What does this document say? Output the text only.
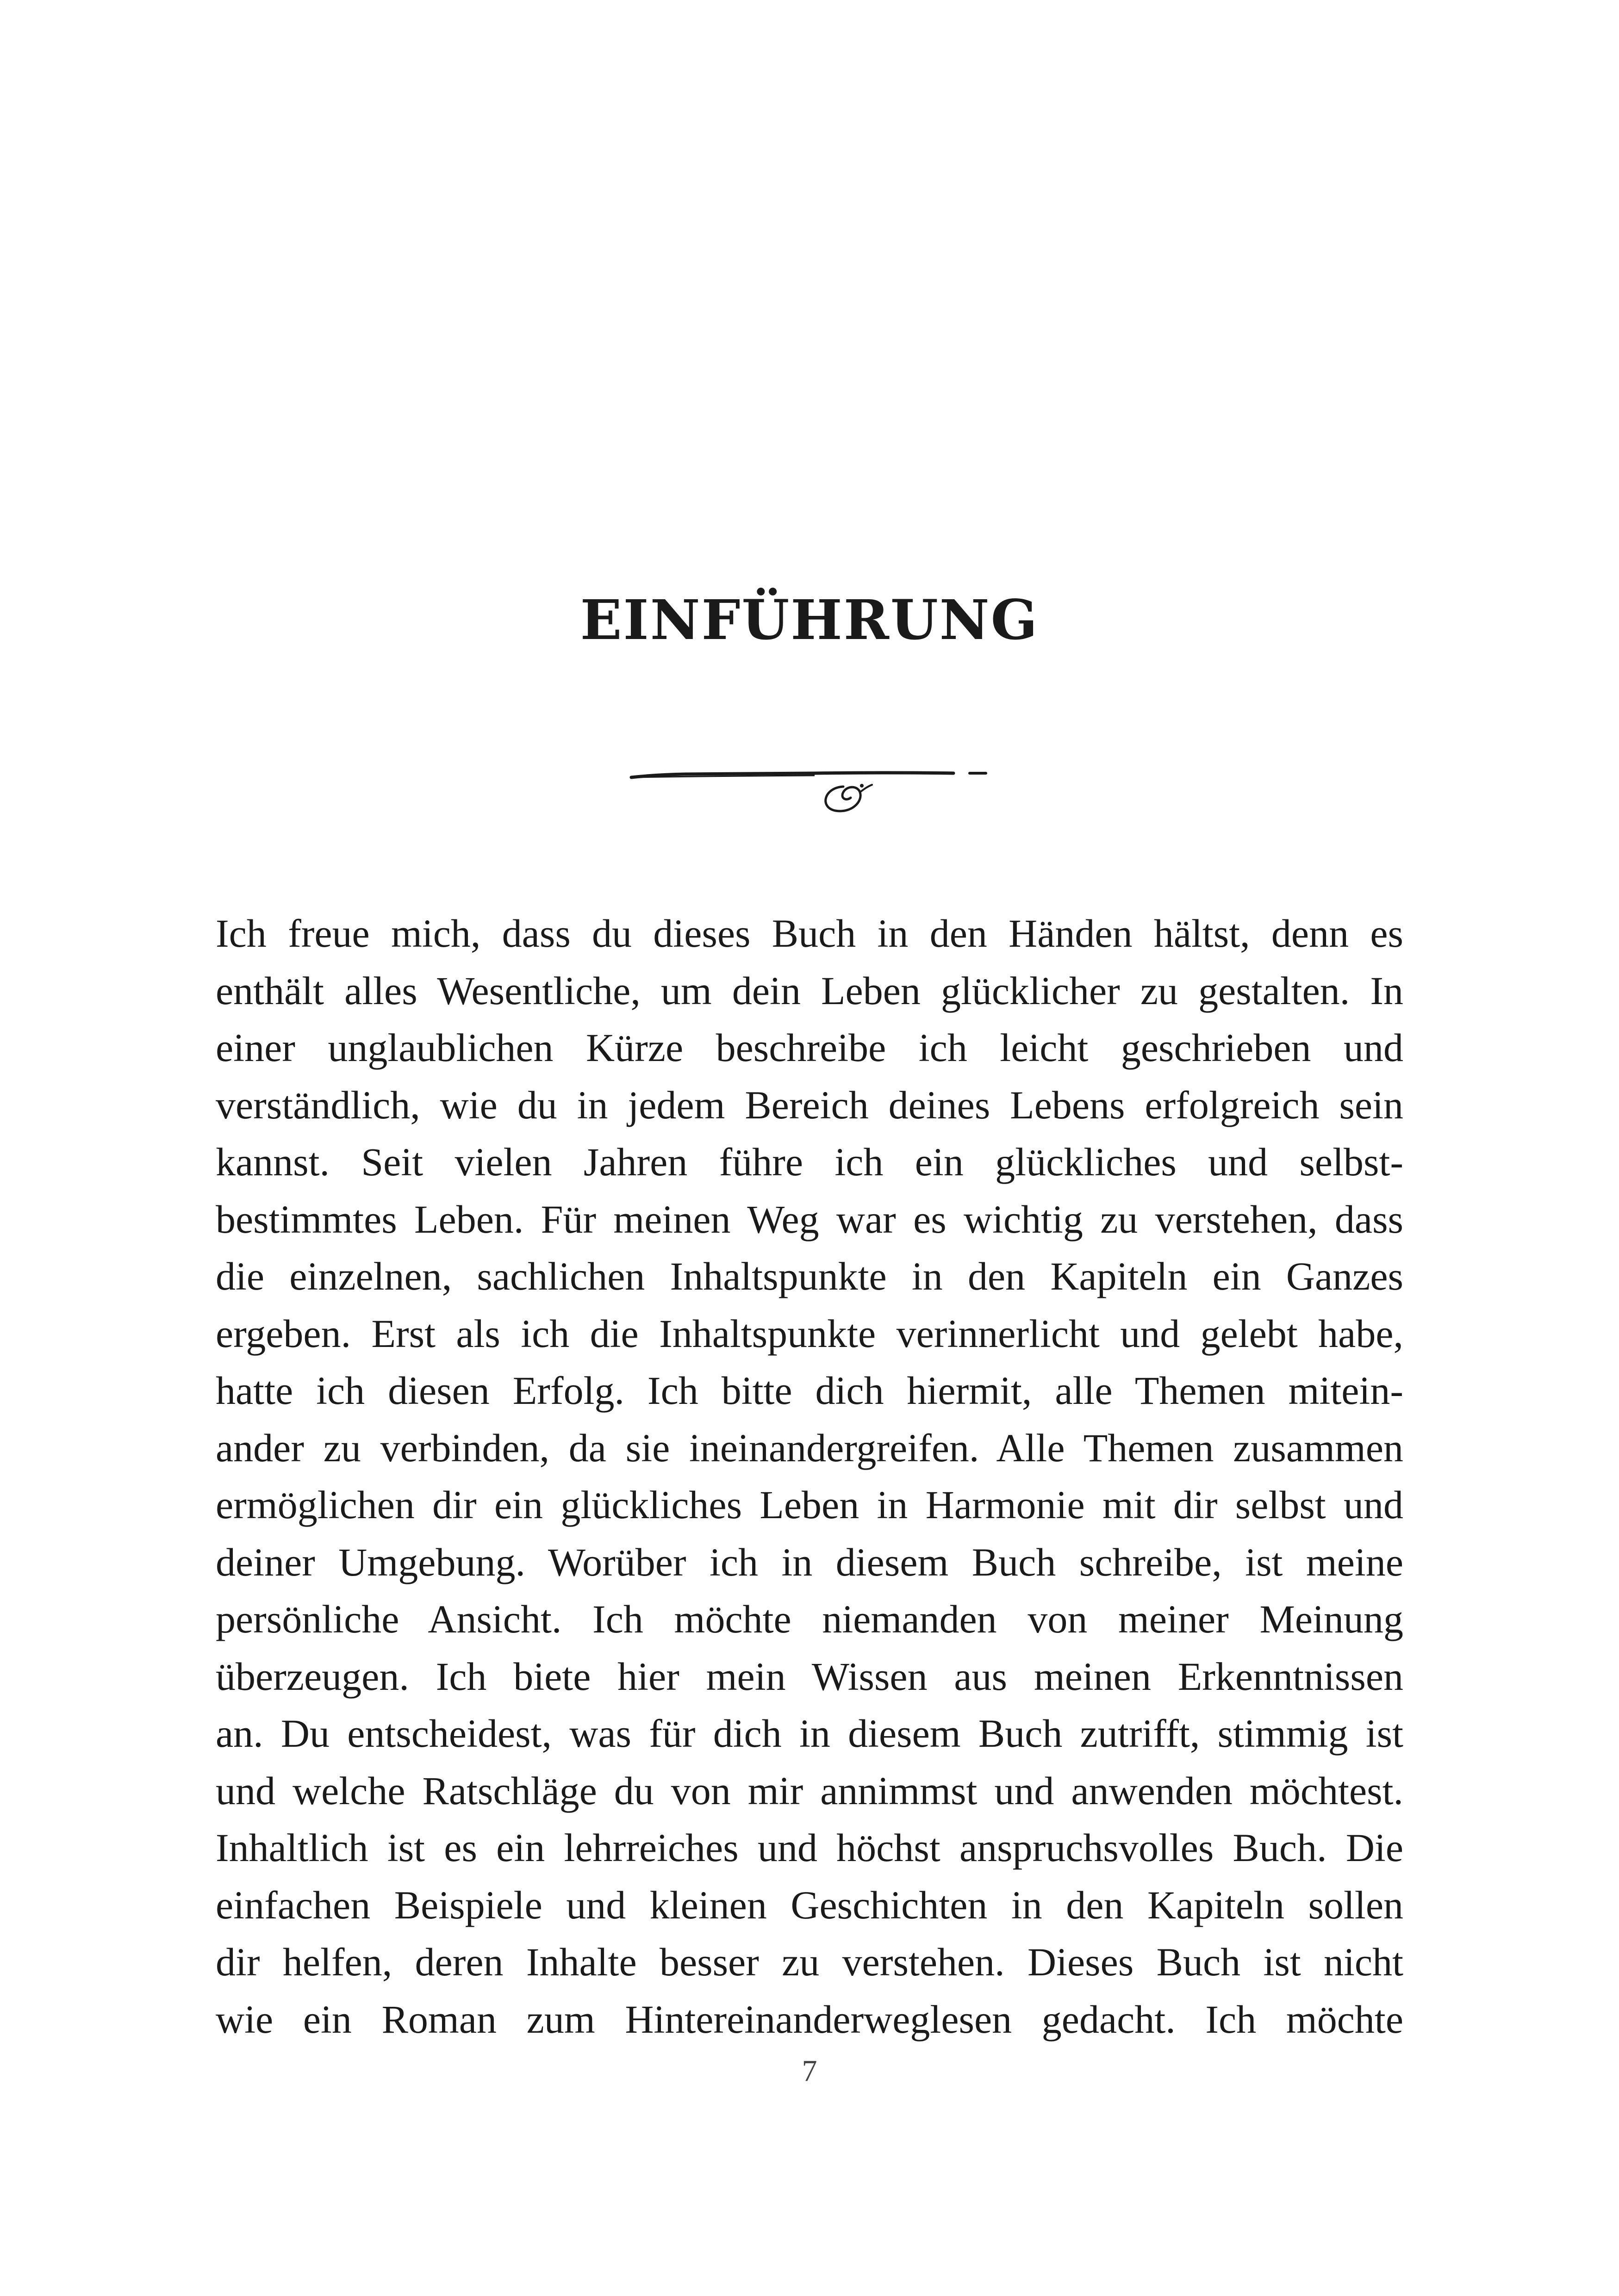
EINFÜHRUNG
Ich freue mich, dass du dieses Buch in den Händen hältst, denn es
enthält alles Wesentliche, um dein Leben glücklicher zu gestalten. In
einer unglaublichen Kürze beschreibe ich leicht geschrieben und
verständlich, wie du in jedem Bereich deines Lebens erfolgreich sein
kannst. Seit vielen Jahren führe ich ein glückliches und selbst-
bestimmtes Leben. Für meinen Weg war es wichtig zu verstehen, dass
die einzelnen, sachlichen Inhaltspunkte in den Kapiteln ein Ganzes
ergeben. Erst als ich die Inhaltspunkte verinnerlicht und gelebt habe,
hatte ich diesen Erfolg. Ich bitte dich hiermit, alle Themen mitein-
ander zu verbinden, da sie ineinandergreifen. Alle Themen zusammen
ermöglichen dir ein glückliches Leben in Harmonie mit dir selbst und
deiner Umgebung. Worüber ich in diesem Buch schreibe, ist meine
persönliche Ansicht. Ich möchte niemanden von meiner Meinung
überzeugen. Ich biete hier mein Wissen aus meinen Erkenntnissen
an. Du entscheidest, was für dich in diesem Buch zutrifft, stimmig ist
und welche Ratschläge du von mir annimmst und anwenden möchtest.
Inhaltlich ist es ein lehrreiches und höchst anspruchsvolles Buch. Die
einfachen Beispiele und kleinen Geschichten in den Kapiteln sollen
dir helfen, deren Inhalte besser zu verstehen. Dieses Buch ist nicht
wie ein Roman zum Hintereinanderweglesen gedacht. Ich möchte
7
